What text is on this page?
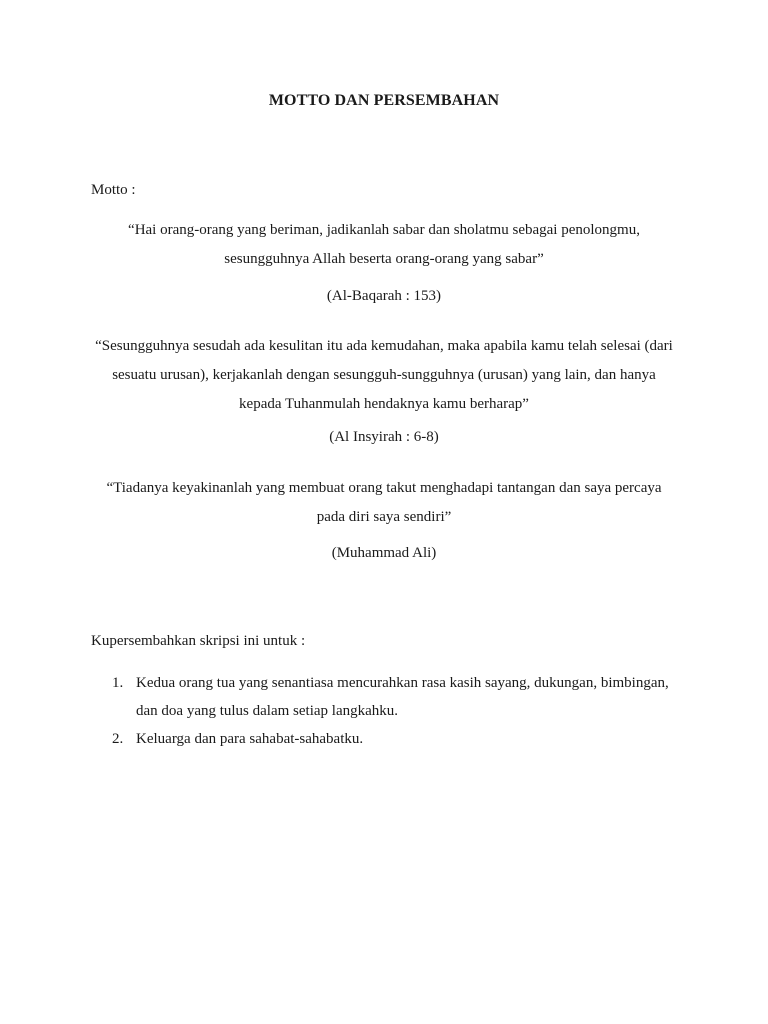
MOTTO DAN PERSEMBAHAN
Motto :
“Hai orang-orang yang beriman, jadikanlah sabar dan sholatmu sebagai penolongmu,
sesungguhnya Allah beserta orang-orang yang sabar”
(Al-Baqarah : 153)
“Sesungguhnya sesudah ada kesulitan itu ada kemudahan, maka apabila kamu telah selesai (dari
sesuatu urusan), kerjakanlah dengan sesungguh-sungguhnya (urusan) yang lain, dan hanya
kepada Tuhanmulah hendaknya kamu berharap”
(Al Insyirah : 6-8)
“Tiadanya keyakinanlah yang membuat orang takut menghadapi tantangan dan saya percaya
pada diri saya sendiri”
(Muhammad Ali)
Kupersembahkan skripsi ini untuk :
1. Kedua orang tua yang senantiasa mencurahkan rasa kasih sayang, dukungan, bimbingan,
dan doa yang tulus dalam setiap langkahku.
2. Keluarga dan para sahabat-sahabatku.
